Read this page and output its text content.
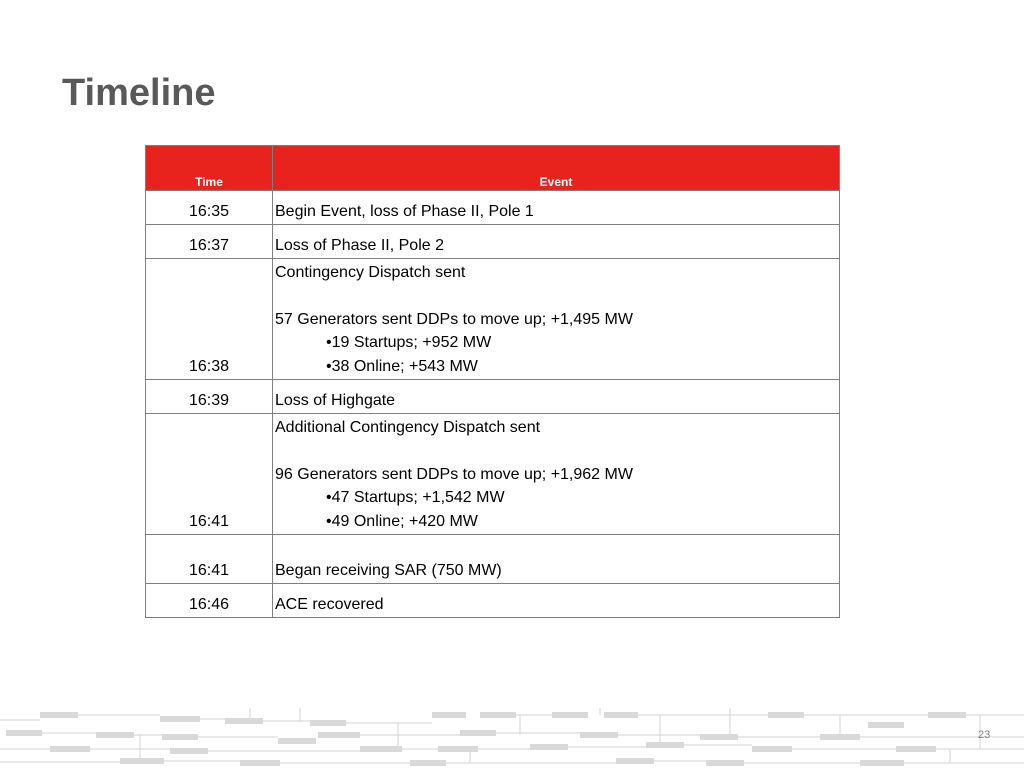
Timeline
Time	Event
16:35	Begin Event, loss of Phase II, Pole 1

16:37	Loss of Phase II, Pole 2

16:38	Contingency Dispatch sent
57 Generators sent DDPs to move up; +1,495 MW
•19 Startups; +952 MW
•38 Online; +543 MW

16:39	Loss of Highgate

16:41	Additional Contingency Dispatch sent
96 Generators sent DDPs to move up; +1,962 MW
•47 Startups; +1,542 MW
•49 Online; +420 MW

16:41	Began receiving SAR (750 MW)

16:46	ACE recovered
23
